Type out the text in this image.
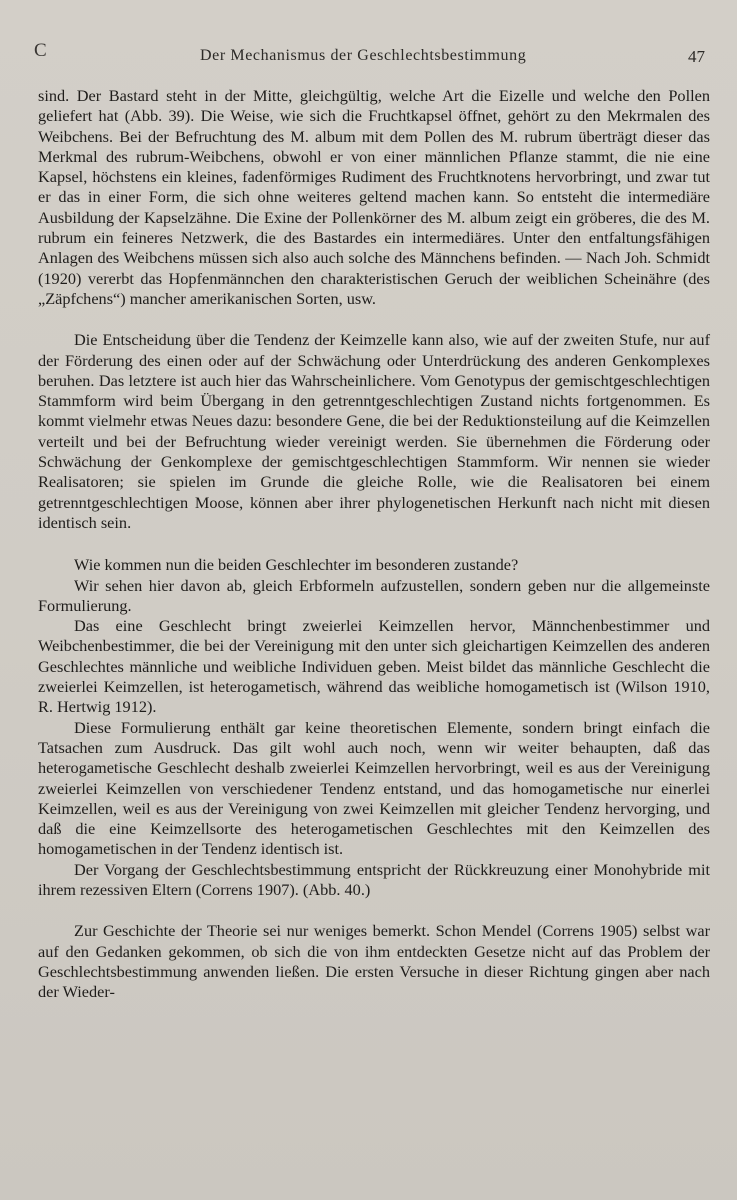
C	Der Mechanismus der Geschlechtsbestimmung	47

sind. Der Bastard steht in der Mitte, gleichgültig, welche Art die Eizelle und welche den Pollen geliefert hat (Abb. 39). Die Weise, wie sich die Fruchtkapsel öffnet, gehört zu den Mekrmalen des Weibchens. Bei der Befruchtung des M. album mit dem Pollen des M. rubrum überträgt dieser das Merkmal des rubrum-Weibchens, obwohl er von einer männlichen Pflanze stammt, die nie eine Kapsel, höchstens ein kleines, fadenförmiges Rudiment des Fruchtknotens hervorbringt, und zwar tut er das in einer Form, die sich ohne weiteres geltend machen kann. So entsteht die intermediäre Ausbildung der Kapselzähne. Die Exine der Pollenkörner des M. album zeigt ein gröberes, die des M. rubrum ein feineres Netzwerk, die des Bastardes ein intermediäres. Unter den entfaltungsfähigen Anlagen des Weibchens müssen sich also auch solche des Männchens befinden. — Nach Joh. Schmidt (1920) vererbt das Hopfenmännchen den charakteristischen Geruch der weiblichen Scheinähre (des „Zäpfchens“) mancher amerikanischen Sorten, usw.

Die Entscheidung über die Tendenz der Keimzelle kann also, wie auf der zweiten Stufe, nur auf der Förderung des einen oder auf der Schwächung oder Unterdrückung des anderen Genkomplexes beruhen. Das letztere ist auch hier das Wahrscheinlichere. Vom Genotypus der gemischtgeschlechtigen Stammform wird beim Übergang in den getrenntgeschlechtigen Zustand nichts fortgenommen. Es kommt vielmehr etwas Neues dazu: besondere Gene, die bei der Reduktionsteilung auf die Keimzellen verteilt und bei der Befruchtung wieder vereinigt werden. Sie übernehmen die Förderung oder Schwächung der Genkomplexe der gemischtgeschlechtigen Stammform. Wir nennen sie wieder Realisatoren; sie spielen im Grunde die gleiche Rolle, wie die Realisatoren bei einem getrenntgeschlechtigen Moose, können aber ihrer phylogenetischen Herkunft nach nicht mit diesen identisch sein.

Wie kommen nun die beiden Geschlechter im besonderen zustande?

Wir sehen hier davon ab, gleich Erbformeln aufzustellen, sondern geben nur die allgemeinste Formulierung.

Das eine Geschlecht bringt zweierlei Keimzellen hervor, Männchenbestimmer und Weibchenbestimmer, die bei der Vereinigung mit den unter sich gleichartigen Keimzellen des anderen Geschlechtes männliche und weibliche Individuen geben. Meist bildet das männliche Geschlecht die zweierlei Keimzellen, ist heterogametisch, während das weibliche homogametisch ist (Wilson 1910, R. Hertwig 1912).

Diese Formulierung enthält gar keine theoretischen Elemente, sondern bringt einfach die Tatsachen zum Ausdruck. Das gilt wohl auch noch, wenn wir weiter behaupten, daß das heterogametische Geschlecht deshalb zweierlei Keimzellen hervorbringt, weil es aus der Vereinigung zweierlei Keimzellen von verschiedener Tendenz entstand, und das homogametische nur einerlei Keimzellen, weil es aus der Vereinigung von zwei Keimzellen mit gleicher Tendenz hervorging, und daß die eine Keimzellsorte des heterogametischen Geschlechtes mit den Keimzellen des homogametischen in der Tendenz identisch ist.

Der Vorgang der Geschlechtsbestimmung entspricht der Rückkreuzung einer Monohybride mit ihrem rezessiven Eltern (Correns 1907). (Abb. 40.)

Zur Geschichte der Theorie sei nur weniges bemerkt. Schon Mendel (Correns 1905) selbst war auf den Gedanken gekommen, ob sich die von ihm entdeckten Gesetze nicht auf das Problem der Geschlechtsbestimmung anwenden ließen. Die ersten Versuche in dieser Richtung gingen aber nach der Wieder-
